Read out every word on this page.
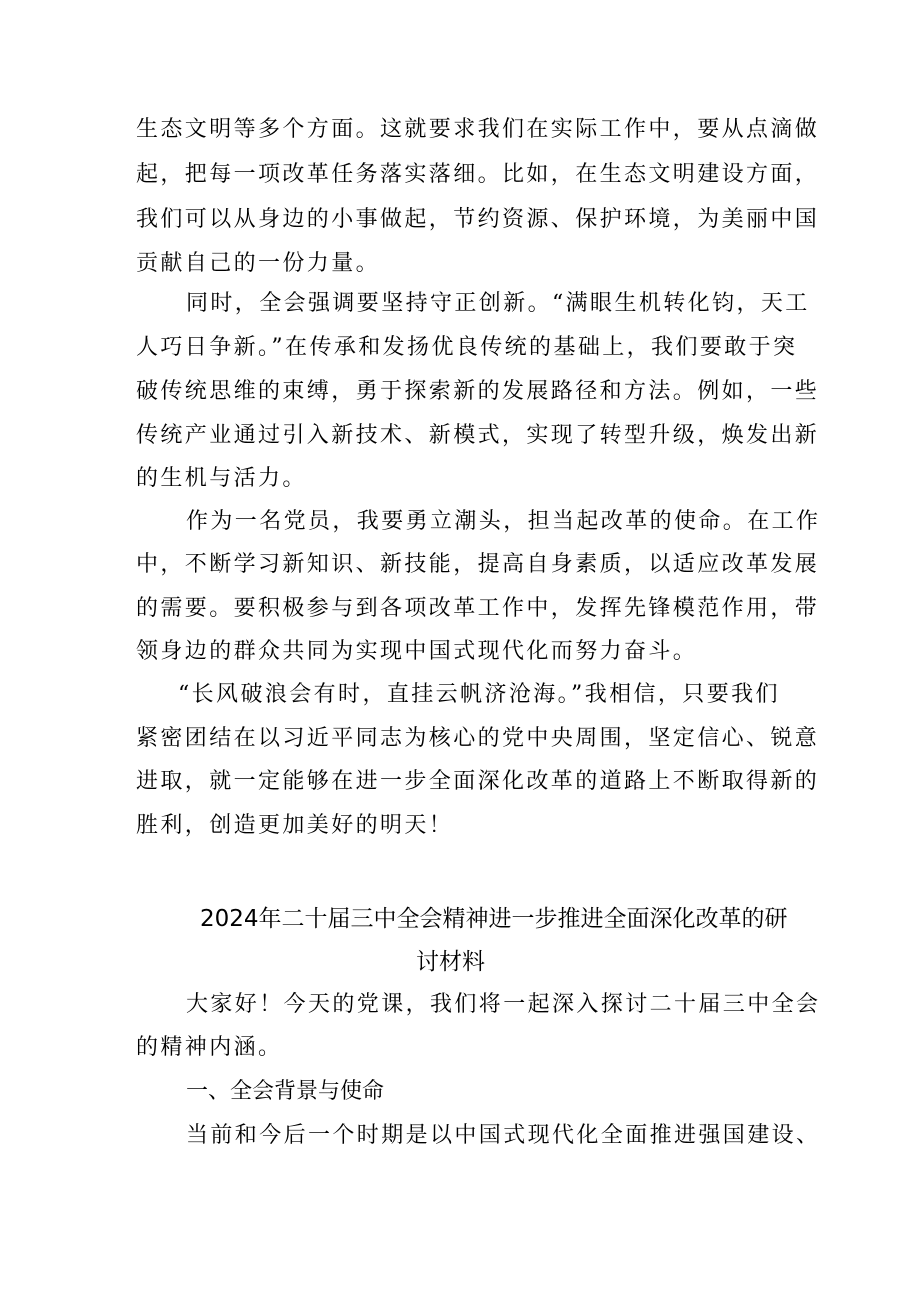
生态文明等多个方面。这就要求我们在实际工作中，要从点滴做
起，把每一项改革任务落实落细。比如，在生态文明建设方面，
我们可以从身边的小事做起，节约资源、保护环境，为美丽中国
贡献自己的一份力量。
同时，全会强调要坚持守正创新。“满眼生机转化钧，天工
人巧日争新。”在传承和发扬优良传统的基础上，我们要敢于突
破传统思维的束缚，勇于探索新的发展路径和方法。例如，一些
传统产业通过引入新技术、新模式，实现了转型升级，焕发出新
的生机与活力。
作为一名党员，我要勇立潮头，担当起改革的使命。在工作
中，不断学习新知识、新技能，提高自身素质，以适应改革发展
的需要。要积极参与到各项改革工作中，发挥先锋模范作用，带
领身边的群众共同为实现中国式现代化而努力奋斗。
“长风破浪会有时，直挂云帆济沧海。”我相信，只要我们
紧密团结在以习近平同志为核心的党中央周围，坚定信心、锐意
进取，就一定能够在进一步全面深化改革的道路上不断取得新的
胜利，创造更加美好的明天！
2024年二十届三中全会精神进一步推进全面深化改革的研
讨材料
大家好！今天的党课，我们将一起深入探讨二十届三中全会
的精神内涵。
一、全会背景与使命
当前和今后一个时期是以中国式现代化全面推进强国建设、
